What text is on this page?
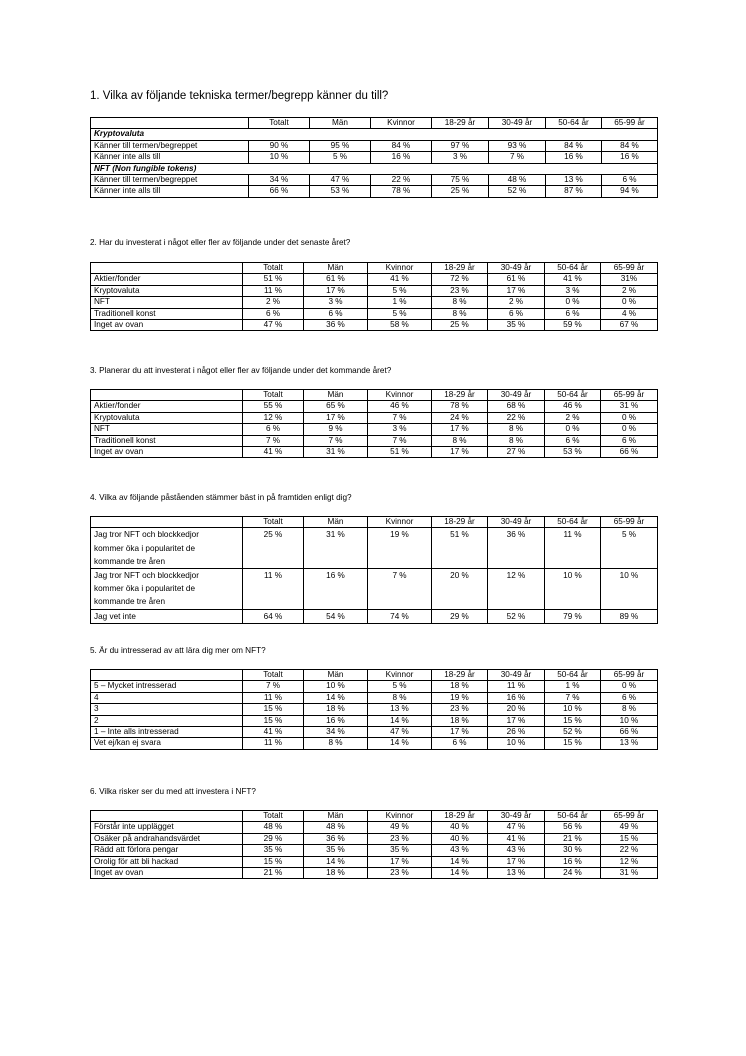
1. Vilka av följande tekniska termer/begrepp känner du till?
	Totalt	Män	Kvinnor	18-29 år	30-49 år	50-64 år	65-99 år
Kryptovaluta							
Känner till termen/begreppet	90 %	95 %	84 %	97 %	93 %	84 %	84 %
Känner inte alls till	10 %	5 %	16 %	3 %	7 %	16 %	16 %
NFT (Non fungible tokens)							
Känner till termen/begreppet	34 %	47 %	22 %	75 %	48 %	13 %	6 %
Känner inte alls till	66 %	53 %	78 %	25 %	52 %	87 %	94 %
2. Har du investerat i något eller fler av följande under det senaste året?
	Totalt	Män	Kvinnor	18-29 år	30-49 år	50-64 år	65-99 år
Aktier/fonder	51 %	61 %	41 %	72 %	61 %	41 %	31%
Kryptovaluta	11 %	17 %	5 %	23 %	17 %	3 %	2 %
NFT	2 %	3 %	1 %	8 %	2 %	0 %	0 %
Traditionell konst	6 %	6 %	5 %	8 %	6 %	6 %	4 %
Inget av ovan	47 %	36 %	58 %	25 %	35 %	59 %	67 %
3. Planerar du att investerat i något eller fler av följande under det kommande året?
	Totalt	Män	Kvinnor	18-29 år	30-49 år	50-64 år	65-99 år
Aktier/fonder	55 %	65 %	46 %	78 %	68 %	46 %	31 %
Kryptovaluta	12 %	17 %	7 %	24 %	22 %	2 %	0 %
NFT	6 %	9 %	3 %	17 %	8 %	0 %	0 %
Traditionell konst	7 %	7 %	7 %	8 %	8 %	6 %	6 %
Inget av ovan	41 %	31 %	51 %	17 %	27 %	53 %	66 %
4. Vilka av följande påståenden stämmer bäst in på framtiden enligt dig?
	Totalt	Män	Kvinnor	18-29 år	30-49 år	50-64 år	65-99 år

Jag tror NFT och blockkedjor
kommer öka i popularitet de
kommande tre åren	25 %	31 %	19 %	51 %	36 %	11 %	5 %

Jag tror NFT och blockkedjor
kommer öka i popularitet de
kommande tre åren	11 %	16 %	7 %	20 %	12 %	10 %	10 %

Jag vet inte	64 %	54 %	74 %	29 %	52 %	79 %	89 %
5. Är du intresserad av att lära dig mer om NFT?
	Totalt	Män	Kvinnor	18-29 år	30-49 år	50-64 år	65-99 år
5 – Mycket intresserad	7 %	10 %	5 %	18 %	11 %	1 %	0 %
4	11 %	14 %	8 %	19 %	16 %	7 %	6 %
3	15 %	18 %	13 %	23 %	20 %	10 %	8 %
2	15 %	16 %	14 %	18 %	17 %	15 %	10 %
1 – Inte alls intresserad	41 %	34 %	47 %	17 %	26 %	52 %	66 %
Vet ej/kan ej svara	11 %	8 %	14 %	6 %	10 %	15 %	13 %
6. Vilka risker ser du med att investera i NFT?
	Totalt	Män	Kvinnor	18-29 år	30-49 år	50-64 år	65-99 år
Förstår inte upplägget	48 %	48 %	49 %	40 %	47 %	56 %	49 %
Osäker på andrahandsvärdet	29 %	36 %	23 %	40 %	41 %	21 %	15 %
Rädd att förlora pengar	35 %	35 %	35 %	43 %	43 %	30 %	22 %
Orolig för att bli hackad	15 %	14 %	17 %	14 %	17 %	16 %	12 %
Inget av ovan	21 %	18 %	23 %	14 %	13 %	24 %	31 %
